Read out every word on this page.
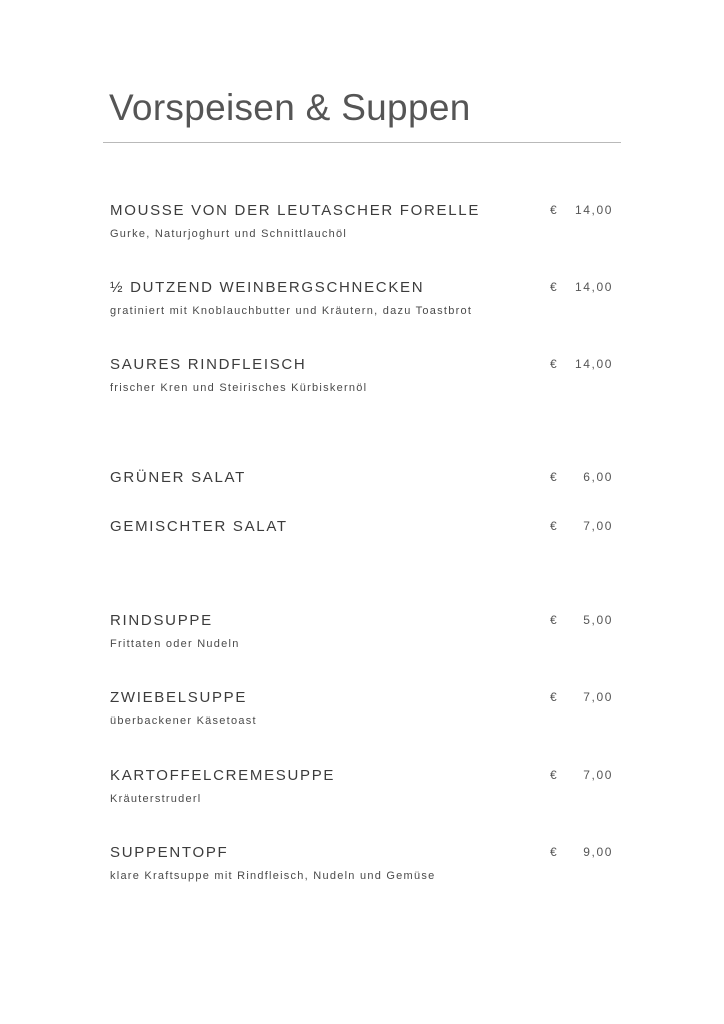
Vorspeisen & Suppen
MOUSSE VON DER LEUTASCHER FORELLE
Gurke, Naturjoghurt und Schnittlauchöl
€ 14,00
½ DUTZEND WEINBERGSCHNECKEN
gratiniert mit Knoblauchbutter und Kräutern, dazu Toastbrot
€ 14,00
SAURES RINDFLEISCH
frischer Kren und Steirisches Kürbiskernöl
€ 14,00
GRÜNER SALAT	€ 6,00
GEMISCHTER SALAT	€ 7,00
RINDSUPPE
Frittaten oder Nudeln
€ 5,00
ZWIEBELSUPPE
überbackener Käsetoast
€ 7,00
KARTOFFELCREMESUPPE
Kräuterstruderl
€ 7,00
SUPPENTOPF
klare Kraftsuppe mit Rindfleisch, Nudeln und Gemüse
€ 9,00
